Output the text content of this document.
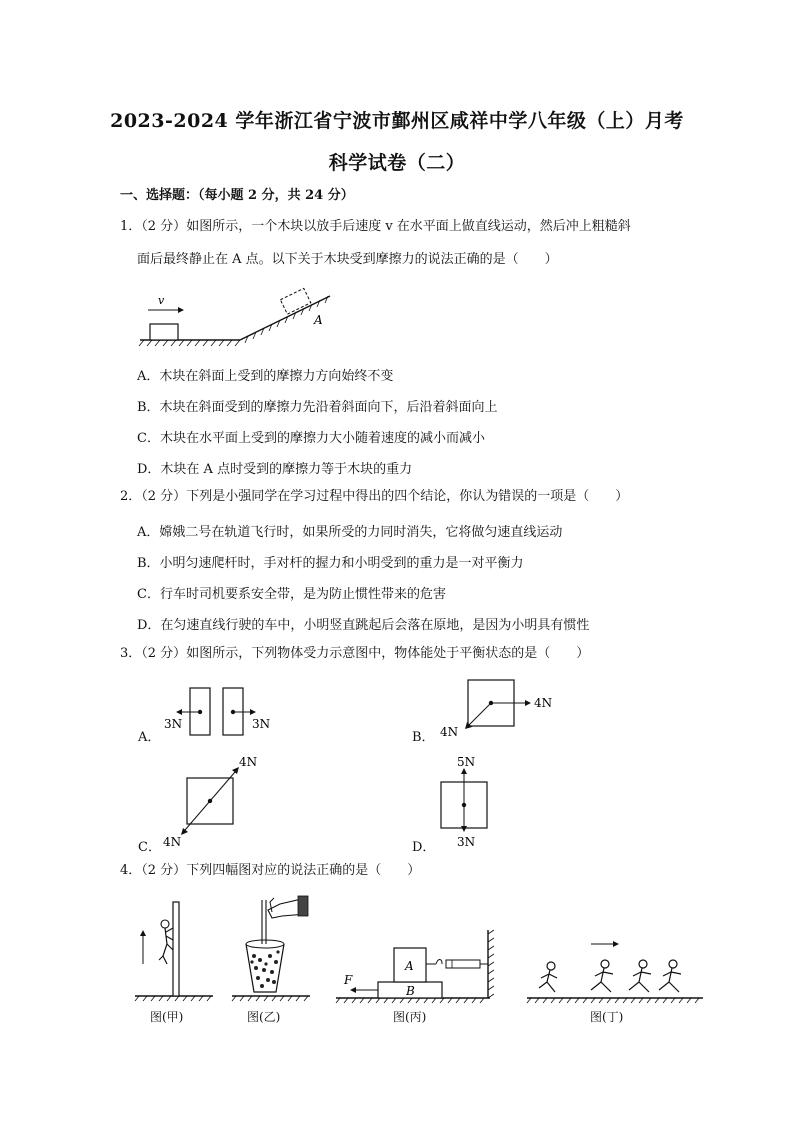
2023-2024 学年浙江省宁波市鄞州区咸祥中学八年级（上）月考
科学试卷（二）
一、选择题：（每小题 2 分，共 24 分）
1．（2 分）如图所示，一个木块以放手后速度 v 在水平面上做直线运动，然后冲上粗糙斜
面后最终静止在 A 点。以下关于木块受到摩擦力的说法正确的是（　　）
v
A
A．木块在斜面上受到的摩擦力方向始终不变
B．木块在斜面受到的摩擦力先沿着斜面向下，后沿着斜面向上
C．木块在水平面上受到的摩擦力大小随着速度的减小而减小
D．木块在 A 点时受到的摩擦力等于木块的重力
2．（2 分）下列是小强同学在学习过程中得出的四个结论，你认为错误的一项是（　　）
A．嫦娥二号在轨道飞行时，如果所受的力同时消失，它将做匀速直线运动
B．小明匀速爬杆时，手对杆的握力和小明受到的重力是一对平衡力
C．行车时司机要系安全带，是为防止惯性带来的危害
D．在匀速直线行驶的车中，小明竖直跳起后会落在原地，是因为小明具有惯性
3．（2 分）如图所示，下列物体受力示意图中，物体能处于平衡状态的是（　　）
A．
3N	3N
B．
4N
4N
C．
4N
4N	D．
5N
3N
4．（2 分）下列四幅图对应的说法正确的是（　　）
图(甲)	图(乙)
B
A
F
图(丙)	图(丁)
